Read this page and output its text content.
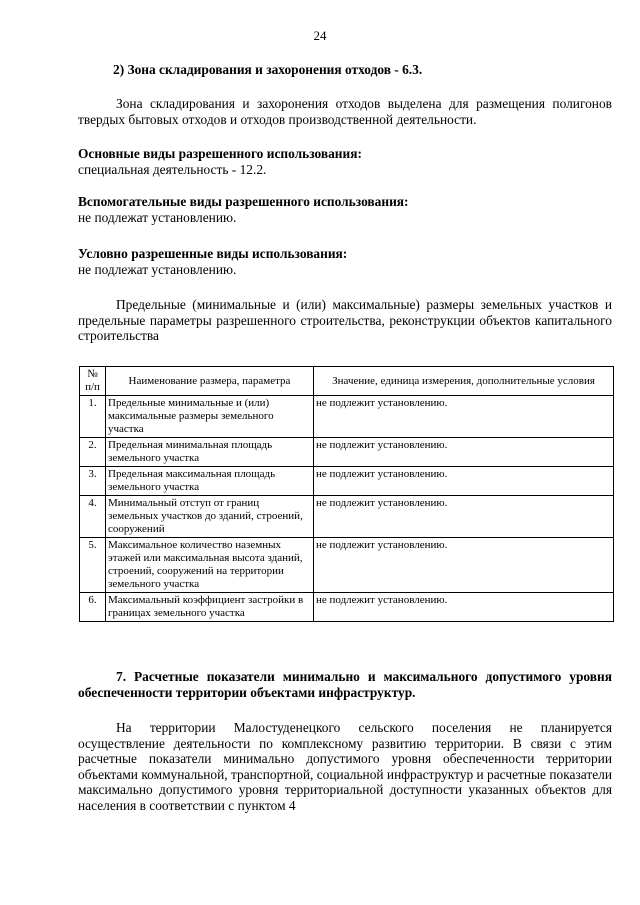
24
2) Зона складирования и захоронения отходов - 6.3.
Зона складирования и захоронения отходов выделена для размещения полигонов твердых бытовых отходов и отходов производственной деятельности.
Основные виды разрешенного использования:
специальная деятельность - 12.2.
Вспомогательные виды разрешенного использования:
не подлежат установлению.
Условно разрешенные виды использования:
не подлежат установлению.
Предельные (минимальные и (или) максимальные) размеры земельных участков и предельные параметры разрешенного строительства, реконструкции объектов капитального строительства
№ п/п	Наименование размера, параметра	Значение, единица измерения, дополнительные условия
1.	Предельные минимальные и (или) максимальные размеры земельного участка	не подлежит установлению.
2.	Предельная минимальная площадь земельного участка	не подлежит установлению.
3.	Предельная максимальная площадь земельного участка	не подлежит установлению.
4.	Минимальный отступ от границ земельных участков до зданий, строений, сооружений	не подлежит установлению.
5.	Максимальное количество наземных этажей или максимальная высота зданий, строений, сооружений на территории земельного участка	не подлежит установлению.
6.	Максимальный коэффициент застройки в границах земельного участка	не подлежит установлению.
7. Расчетные показатели минимально и максимального допустимого уровня обеспеченности территории объектами инфраструктур.
На территории Малостуденецкого сельского поселения не планируется осуществление деятельности по комплексному развитию территории. В связи с этим расчетные показатели минимально допустимого уровня обеспеченности территории объектами коммунальной, транспортной, социальной инфраструктур и расчетные показатели максимально допустимого уровня территориальной доступности указанных объектов для населения в соответствии с пунктом 4
